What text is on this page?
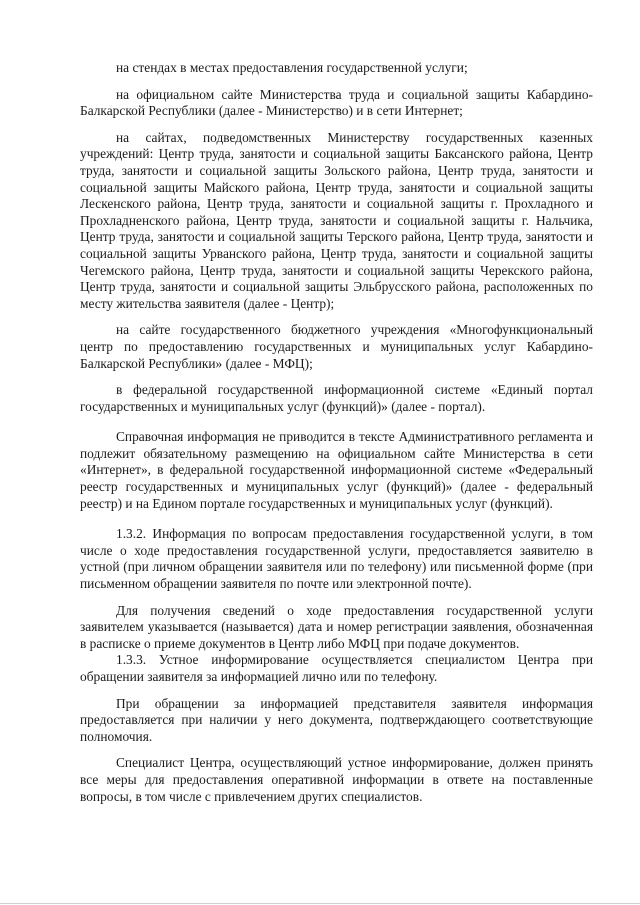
на стендах в местах предоставления государственной услуги;

на официальном сайте Министерства труда и социальной защиты Кабардино-Балкарской Республики (далее - Министерство) и в сети Интернет;

на сайтах, подведомственных Министерству государственных казенных учреждений: Центр труда, занятости и социальной защиты Баксанского района, Центр труда, занятости и социальной защиты Зольского района, Центр труда, занятости и социальной защиты Майского района, Центр труда, занятости и социальной защиты Лескенского района, Центр труда, занятости и социальной защиты г. Прохладного и Прохладненского района, Центр труда, занятости и социальной защиты г. Нальчика, Центр труда, занятости и социальной защиты Терского района, Центр труда, занятости и социальной защиты Урванского района, Центр труда, занятости и социальной защиты Чегемского района, Центр труда, занятости и социальной защиты Черекского района, Центр труда, занятости и социальной защиты Эльбрусского района, расположенных по месту жительства заявителя (далее - Центр);

на сайте государственного бюджетного учреждения «Многофункциональный центр по предоставлению государственных и муниципальных услуг Кабардино-Балкарской Республики» (далее - МФЦ);

в федеральной государственной информационной системе «Единый портал государственных и муниципальных услуг (функций)» (далее - портал).

Справочная информация не приводится в тексте Административного регламента и подлежит обязательному размещению на официальном сайте Министерства в сети «Интернет», в федеральной государственной информационной системе «Федеральный реестр государственных и муниципальных услуг (функций)» (далее - федеральный реестр) и на Едином портале государственных и муниципальных услуг (функций).

1.3.2. Информация по вопросам предоставления государственной услуги, в том числе о ходе предоставления государственной услуги, предоставляется заявителю в устной (при личном обращении заявителя или по телефону) или письменной форме (при письменном обращении заявителя по почте или электронной почте).

Для получения сведений о ходе предоставления государственной услуги заявителем указывается (называется) дата и номер регистрации заявления, обозначенная в расписке о приеме документов в Центр либо МФЦ при подаче документов.

1.3.3. Устное информирование осуществляется специалистом Центра при обращении заявителя за информацией лично или по телефону.

При обращении за информацией представителя заявителя информация предоставляется при наличии у него документа, подтверждающего соответствующие полномочия.

Специалист Центра, осуществляющий устное информирование, должен принять все меры для предоставления оперативной информации в ответе на поставленные вопросы, в том числе с привлечением других специалистов.
